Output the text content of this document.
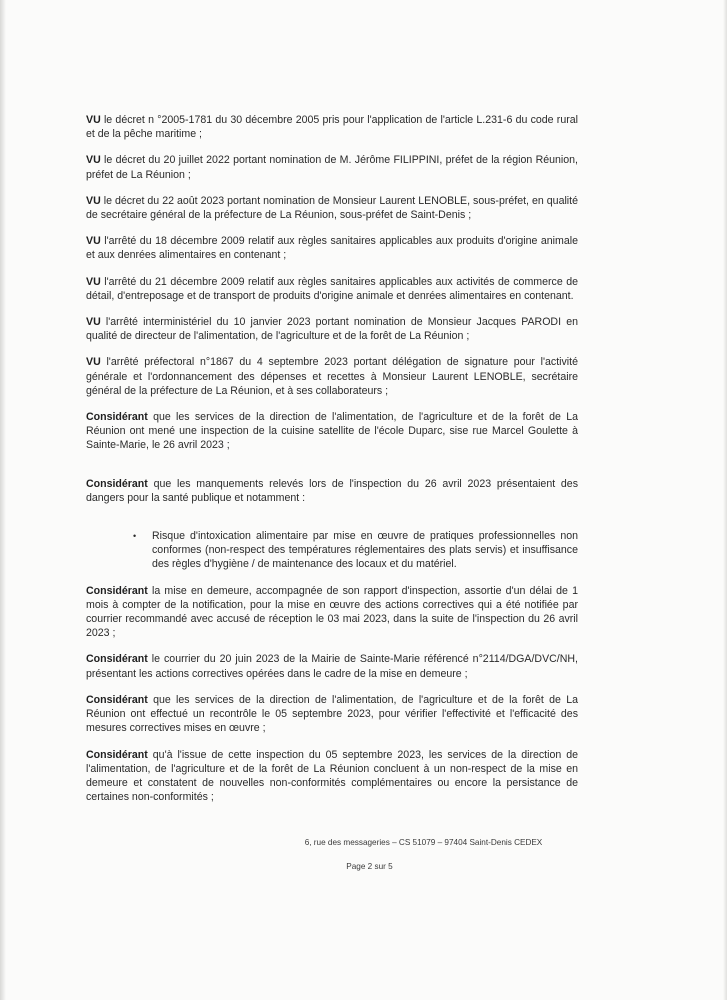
VU le décret n °2005-1781 du 30 décembre 2005 pris pour l'application de l'article L.231-6 du code rural et de la pêche maritime ;

VU le décret du 20 juillet 2022 portant nomination de M. Jérôme FILIPPINI, préfet de la région Réunion, préfet de La Réunion ;

VU le décret du 22 août 2023 portant nomination de Monsieur Laurent LENOBLE, sous-préfet, en qualité de secrétaire général de la préfecture de La Réunion, sous-préfet de Saint-Denis ;

VU l'arrêté du 18 décembre 2009 relatif aux règles sanitaires applicables aux produits d'origine animale et aux denrées alimentaires en contenant ;

VU l'arrêté du 21 décembre 2009 relatif aux règles sanitaires applicables aux activités de commerce de détail, d'entreposage et de transport de produits d'origine animale et denrées alimentaires en contenant.

VU l'arrêté interministériel du 10 janvier 2023 portant nomination de Monsieur Jacques PARODI en qualité de directeur de l'alimentation, de l'agriculture et de la forêt de La Réunion ;

VU l'arrêté préfectoral n°1867 du 4 septembre 2023 portant délégation de signature pour l'activité générale et l'ordonnancement des dépenses et recettes à Monsieur Laurent LENOBLE, secrétaire général de la préfecture de La Réunion, et à ses collaborateurs ;

Considérant que les services de la direction de l'alimentation, de l'agriculture et de la forêt de La Réunion ont mené une inspection de la cuisine satellite de l'école Duparc, sise rue Marcel Goulette à Sainte-Marie, le 26 avril 2023 ;

Considérant que les manquements relevés lors de l'inspection du 26 avril 2023 présentaient des dangers pour la santé publique et notamment :

• Risque d'intoxication alimentaire par mise en œuvre de pratiques professionnelles non conformes (non-respect des températures réglementaires des plats servis) et insuffisance des règles d'hygiène / de maintenance des locaux et du matériel.

Considérant la mise en demeure, accompagnée de son rapport d'inspection, assortie d'un délai de 1 mois à compter de la notification, pour la mise en œuvre des actions correctives qui a été notifiée par courrier recommandé avec accusé de réception le 03 mai 2023, dans la suite de l'inspection du 26 avril 2023 ;

Considérant le courrier du 20 juin 2023 de la Mairie de Sainte-Marie référencé n°2114/DGA/DVC/NH, présentant les actions correctives opérées dans le cadre de la mise en demeure ;

Considérant que les services de la direction de l'alimentation, de l'agriculture et de la forêt de La Réunion ont effectué un recontrôle le 05 septembre 2023, pour vérifier l'effectivité et l'efficacité des mesures correctives mises en œuvre ;

Considérant qu'à l'issue de cette inspection du 05 septembre 2023, les services de la direction de l'alimentation, de l'agriculture et de la forêt de La Réunion concluent à un non-respect de la mise en demeure et constatent de nouvelles non-conformités complémentaires ou encore la persistance de certaines non-conformités ;

6, rue des messageries – CS 51079 – 97404 Saint-Denis CEDEX
Page 2 sur 5
